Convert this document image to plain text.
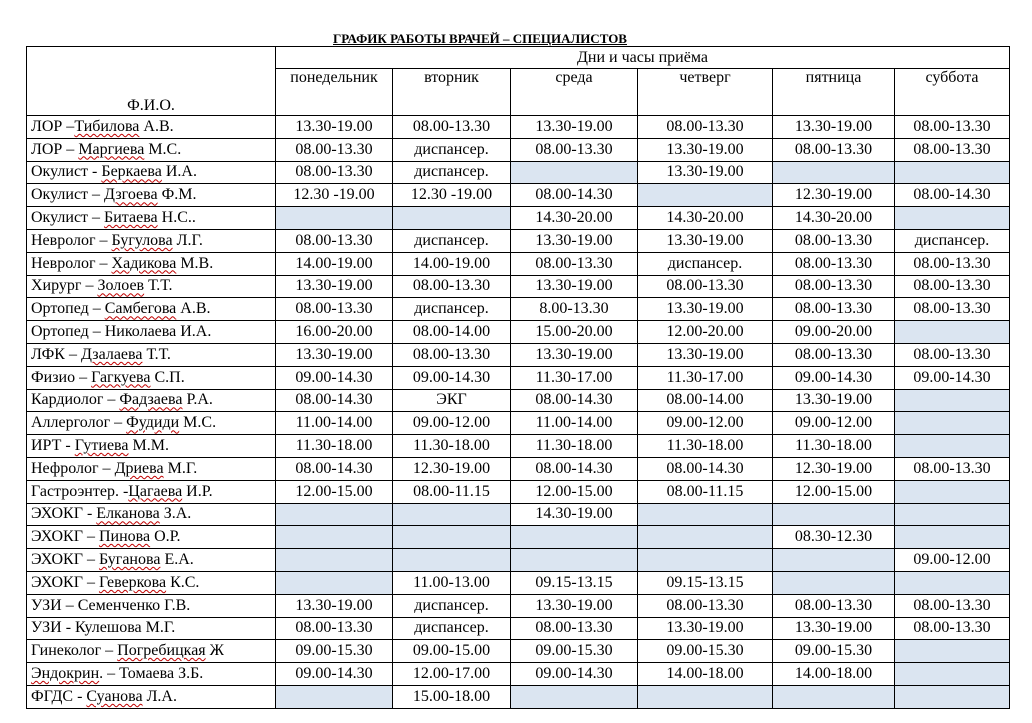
ГРАФИК РАБОТЫ ВРАЧЕЙ – СПЕЦИАЛИСТОВ
Ф.И.О.	Дни и часы приёма					
	понедельник	вторник	среда	четверг	пятница	суббота
ЛОР –Тибилова А.В.	13.30-19.00	08.00-13.30	13.30-19.00	08.00-13.30	13.30-19.00	08.00-13.30
ЛОР – Маргиева М.С.	08.00-13.30	диспансер.	08.00-13.30	13.30-19.00	08.00-13.30	08.00-13.30
Окулист - Беркаева И.А.	08.00-13.30	диспансер.		13.30-19.00		
Окулист – Дзгоева Ф.М.	12.30 -19.00	12.30 -19.00	08.00-14.30		12.30-19.00	08.00-14.30
Окулист – Битаева Н.С..			14.30-20.00	14.30-20.00	14.30-20.00	
Невролог – Бугулова Л.Г.	08.00-13.30	диспансер.	13.30-19.00	13.30-19.00	08.00-13.30	диспансер.
Невролог – Хадикова М.В.	14.00-19.00	14.00-19.00	08.00-13.30	диспансер.	08.00-13.30	08.00-13.30
Хирург – Золоев Т.Т.	13.30-19.00	08.00-13.30	13.30-19.00	08.00-13.30	08.00-13.30	08.00-13.30
Ортопед – Самбегова А.В.	08.00-13.30	диспансер.	8.00-13.30	13.30-19.00	08.00-13.30	08.00-13.30
Ортопед – Николаева И.А.	16.00-20.00	08.00-14.00	15.00-20.00	12.00-20.00	09.00-20.00	
ЛФК – Дзалаева Т.Т.	13.30-19.00	08.00-13.30	13.30-19.00	13.30-19.00	08.00-13.30	08.00-13.30
Физио – Гагкуева С.П.	09.00-14.30	09.00-14.30	11.30-17.00	11.30-17.00	09.00-14.30	09.00-14.30
Кардиолог – Фадзаева Р.А.	08.00-14.30	ЭКГ	08.00-14.30	08.00-14.00	13.30-19.00	
Аллерголог – Фудиди М.С.	11.00-14.00	09.00-12.00	11.00-14.00	09.00-12.00	09.00-12.00	
ИРТ - Гутиева М.М.	11.30-18.00	11.30-18.00	11.30-18.00	11.30-18.00	11.30-18.00	
Нефролог – Дриева М.Г.	08.00-14.30	12.30-19.00	08.00-14.30	08.00-14.30	12.30-19.00	08.00-13.30
Гастроэнтер. -Цагаева И.Р.	12.00-15.00	08.00-11.15	12.00-15.00	08.00-11.15	12.00-15.00	
ЭХОКГ - Елканова З.А.			14.30-19.00			
ЭХОКГ – Пинова О.Р.					08.30-12.30	
ЭХОКГ – Буганова Е.А.						09.00-12.00
ЭХОКГ – Геверкова К.С.		11.00-13.00	09.15-13.15	09.15-13.15		
УЗИ – Семенченко Г.В.	13.30-19.00	диспансер.	13.30-19.00	08.00-13.30	08.00-13.30	08.00-13.30
УЗИ - Кулешова М.Г.	08.00-13.30	диспансер.	08.00-13.30	13.30-19.00	13.30-19.00	08.00-13.30
Гинеколог – Погребицкая Ж	09.00-15.30	09.00-15.00	09.00-15.30	09.00-15.30	09.00-15.30	
Эндокрин. – Томаева З.Б.	09.00-14.30	12.00-17.00	09.00-14.30	14.00-18.00	14.00-18.00	
ФГДС - Суанова Л.А.		15.00-18.00				
